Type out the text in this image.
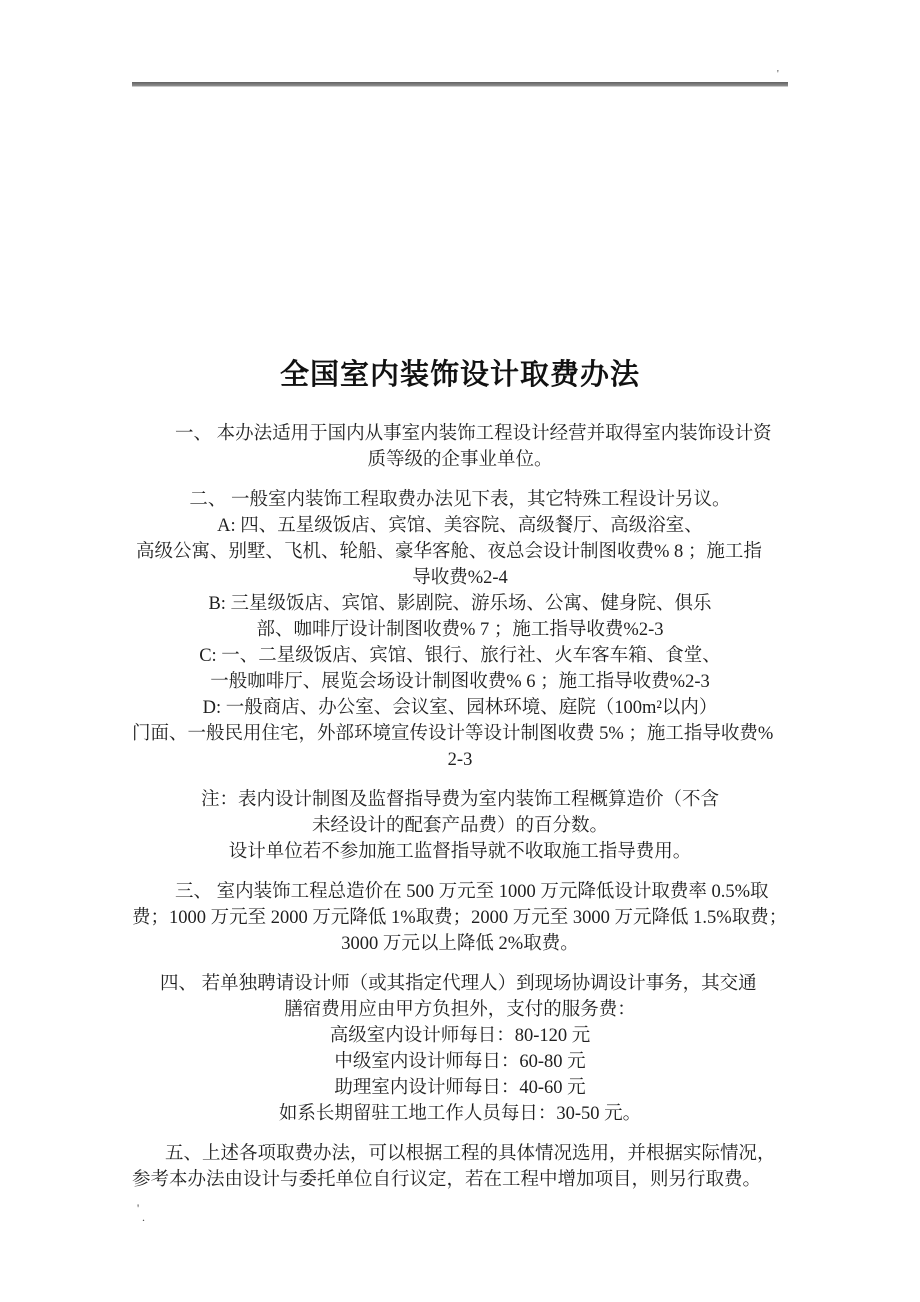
'
全国室内装饰设计取费办法
一、 本办法适用于国内从事室内装饰工程设计经营并取得室内装饰设计资
质等级的企事业单位。
二、 一般室内装饰工程取费办法见下表，其它特殊工程设计另议。
A: 四、五星级饭店、宾馆、美容院、高级餐厅、高级浴室、
高级公寓、别墅、飞机、轮船、豪华客舱、夜总会设计制图收费% 8 ；施工指
导收费%2-4
B: 三星级饭店、宾馆、影剧院、游乐场、公寓、健身院、俱乐
部、咖啡厅设计制图收费% 7 ；施工指导收费%2-3
C: 一、二星级饭店、宾馆、银行、旅行社、火车客车箱、食堂、
一般咖啡厅、展览会场设计制图收费% 6 ；施工指导收费%2-3
D: 一般商店、办公室、会议室、园林环境、庭院（100m²以内）
门面、一般民用住宅，外部环境宣传设计等设计制图收费 5% ；施工指导收费%
2-3
注：表内设计制图及监督指导费为室内装饰工程概算造价（不含
未经设计的配套产品费）的百分数。
设计单位若不参加施工监督指导就不收取施工指导费用。
三、 室内装饰工程总造价在 500 万元至 1000 万元降低设计取费率 0.5%取
费；1000 万元至 2000 万元降低 1%取费；2000 万元至 3000 万元降低 1.5%取费；
3000 万元以上降低 2%取费。
四、 若单独聘请设计师（或其指定代理人）到现场协调设计事务，其交通
膳宿费用应由甲方负担外，支付的服务费：
高级室内设计师每日：80-120 元
中级室内设计师每日：60-80 元
助理室内设计师每日：40-60 元
如系长期留驻工地工作人员每日：30-50 元。
五、上述各项取费办法，可以根据工程的具体情况选用，并根据实际情况，
参考本办法由设计与委托单位自行议定，若在工程中增加项目，则另行取费。
'
.
